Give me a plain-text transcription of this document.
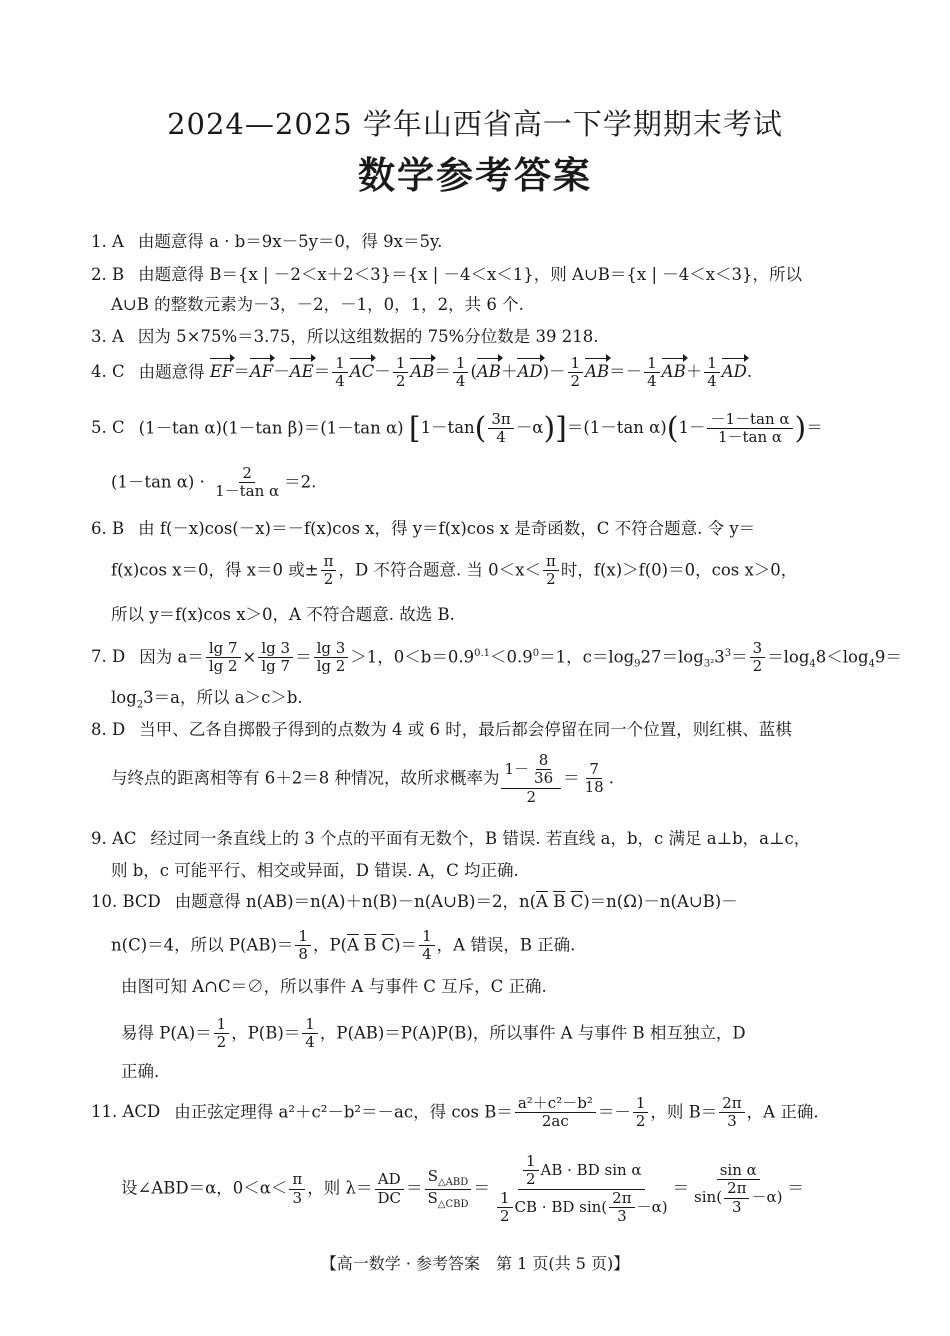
2024—2025 学年山西省高一下学期期末考试
数学参考答案
1. A 由题意得 a · b＝9x－5y＝0，得 9x＝5y.
2. B 由题意得 B＝{x | －2＜x＋2＜3}＝{x | －4＜x＜1}，则 A∪B＝{x | －4＜x＜3}，所以
A∪B 的整数元素为－3，－2，－1，0，1，2，共 6 个.
3. A 因为 5×75%＝3.75，所以这组数据的 75%分位数是 39 218.
4. C 由题意得 $EF=AF-AE= \frac{1}{4} AC- \frac{1}{2} AB= \frac{1}{4} (AB+AD)- \frac{1}{2} AB=- \frac{1}{4} AB+ \frac{1}{4}$ AD.
5. C (1－tan α)(1－tan β)＝(1－tan α) $[1-\tan( \frac{3\pi}{4} -\alpha)]=(1-\tan$ $\alpha)(1- \frac{\text{－1－tan α}}{\text{1－tan α}}$ )＝
(1－tan $\alpha) \cdot \frac{2}{\text{1－tan α}} =2$.
6. B 由 f(－x)cos(－x)＝－f(x)cos x，得 y＝f(x)cos x 是奇函数，C 不符合题意. 令 y＝
f(x)cos x＝0，得 x＝0 或± $\frac{\pi}{2}$ ，D 不符合题意. 当 $0<x< \frac{\pi}{2}$ 时，f(x)＞f(0)＝0，cos x＞0，
所以 y＝f(x)cos x＞0，A 不符合题意. 故选 B.
7. D 因为 $a= \frac{\lg 7}{\lg 2} \times \frac{\lg 3}{\lg 7} = \frac{\lg 3}{\lg 2} >1$，$0<b=0.9^{0.1}<0.9^0=1$，$c=\log_927=\log_{3^2}3^3= \frac{3}{2} =\log_48<\log_49=$
$\log_23=a$，所以 a＞c＞b.
8. D 当甲、乙各自掷骰子得到的点数为 4 或 6 时，最后都会停留在同一个位置，则红棋、蓝棋
与终点的距离相等有 6＋2＝8 种情况，故所求概率为 $\frac{1- \frac{8}{36}}{2} = \frac{7}{18}$ .
9. AC 经过同一条直线上的 3 个点的平面有无数个，B 错误. 若直线 a，b，c 满足 a⊥b，a⊥c，
则 b，c 可能平行、相交或异面，D 错误. A，C 均正确.
10. BCD 由题意得 n(AB)＝n(A)＋n(B)－n(A∪B)＝2，$n(\overline{A}$ $\overline{B}$ $\overline{C})=n(\Omega)-n(A\cup B)-$
n(C)＝4，所以 $P(AB)= \frac{1}{8}$ ，$P(\overline{A}$ $\overline{B}$ $\overline{C})= \frac{1}{4}$ ，A 错误，B 正确.
由图可知 A∩C＝∅，所以事件 A 与事件 C 互斥，C 正确.
易得 $P(A)= \frac{1}{2}$ ，$P(B)= \frac{1}{4}$ ，P(AB)＝P(A)P(B)，所以事件 A 与事件 B 相互独立，D
正确.
11. ACD 由正弦定理得 a²＋c²－b²＝－ac，得 $\cos B= \frac{\text{a²＋c²－b²}}{2ac} =- \frac{1}{2}$ ，则 $B= \frac{2\pi}{3}$ ，A 正确.
设∠ABD＝α，$0<\alpha< \frac{\pi}{3}$ ，则 $\lambda= \frac{AD}{DC} = \frac{S_{\triangle ABD}}{S_{\triangle CBD}} = \frac{\frac{1}{2} AB \cdot BD \sin \alpha}{\frac{1}{2} CB \cdot BD \sin( \frac{2\pi}{3} -\alpha)} = \frac{\text{sin α}}{\sin( \frac{2\pi}{3} -\alpha)}$ ＝
【高一数学 · 参考答案　第 1 页(共 5 页)】
